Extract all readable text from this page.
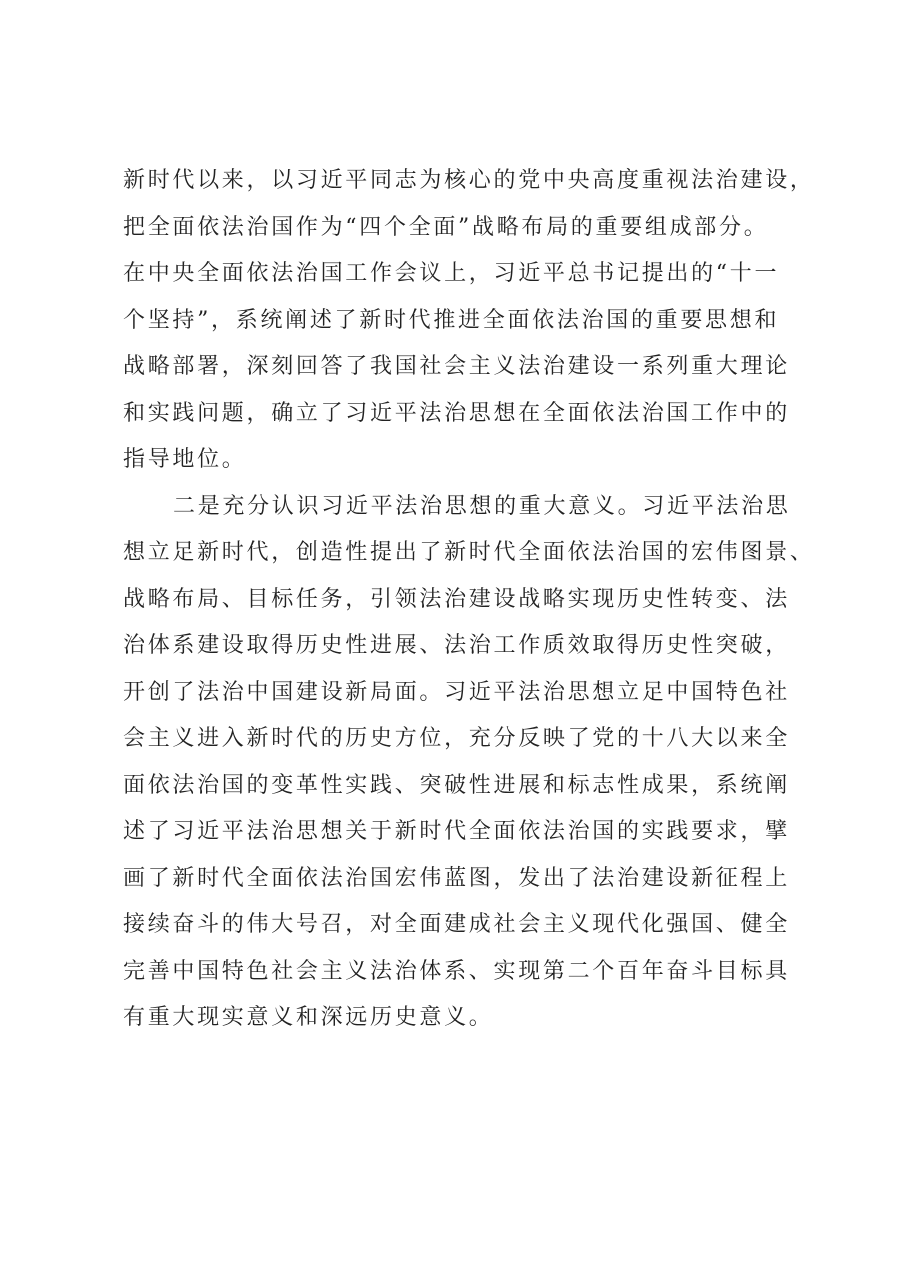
新时代以来，以习近平同志为核心的党中央高度重视法治建设，
把全面依法治国作为“四个全面”战略布局的重要组成部分。
在中央全面依法治国工作会议上，习近平总书记提出的“十一
个坚持”，系统阐述了新时代推进全面依法治国的重要思想和
战略部署，深刻回答了我国社会主义法治建设一系列重大理论
和实践问题，确立了习近平法治思想在全面依法治国工作中的
指导地位。
二是充分认识习近平法治思想的重大意义。习近平法治思
想立足新时代，创造性提出了新时代全面依法治国的宏伟图景、
战略布局、目标任务，引领法治建设战略实现历史性转变、法
治体系建设取得历史性进展、法治工作质效取得历史性突破，
开创了法治中国建设新局面。习近平法治思想立足中国特色社
会主义进入新时代的历史方位，充分反映了党的十八大以来全
面依法治国的变革性实践、突破性进展和标志性成果，系统阐
述了习近平法治思想关于新时代全面依法治国的实践要求，擘
画了新时代全面依法治国宏伟蓝图，发出了法治建设新征程上
接续奋斗的伟大号召，对全面建成社会主义现代化强国、健全
完善中国特色社会主义法治体系、实现第二个百年奋斗目标具
有重大现实意义和深远历史意义。
